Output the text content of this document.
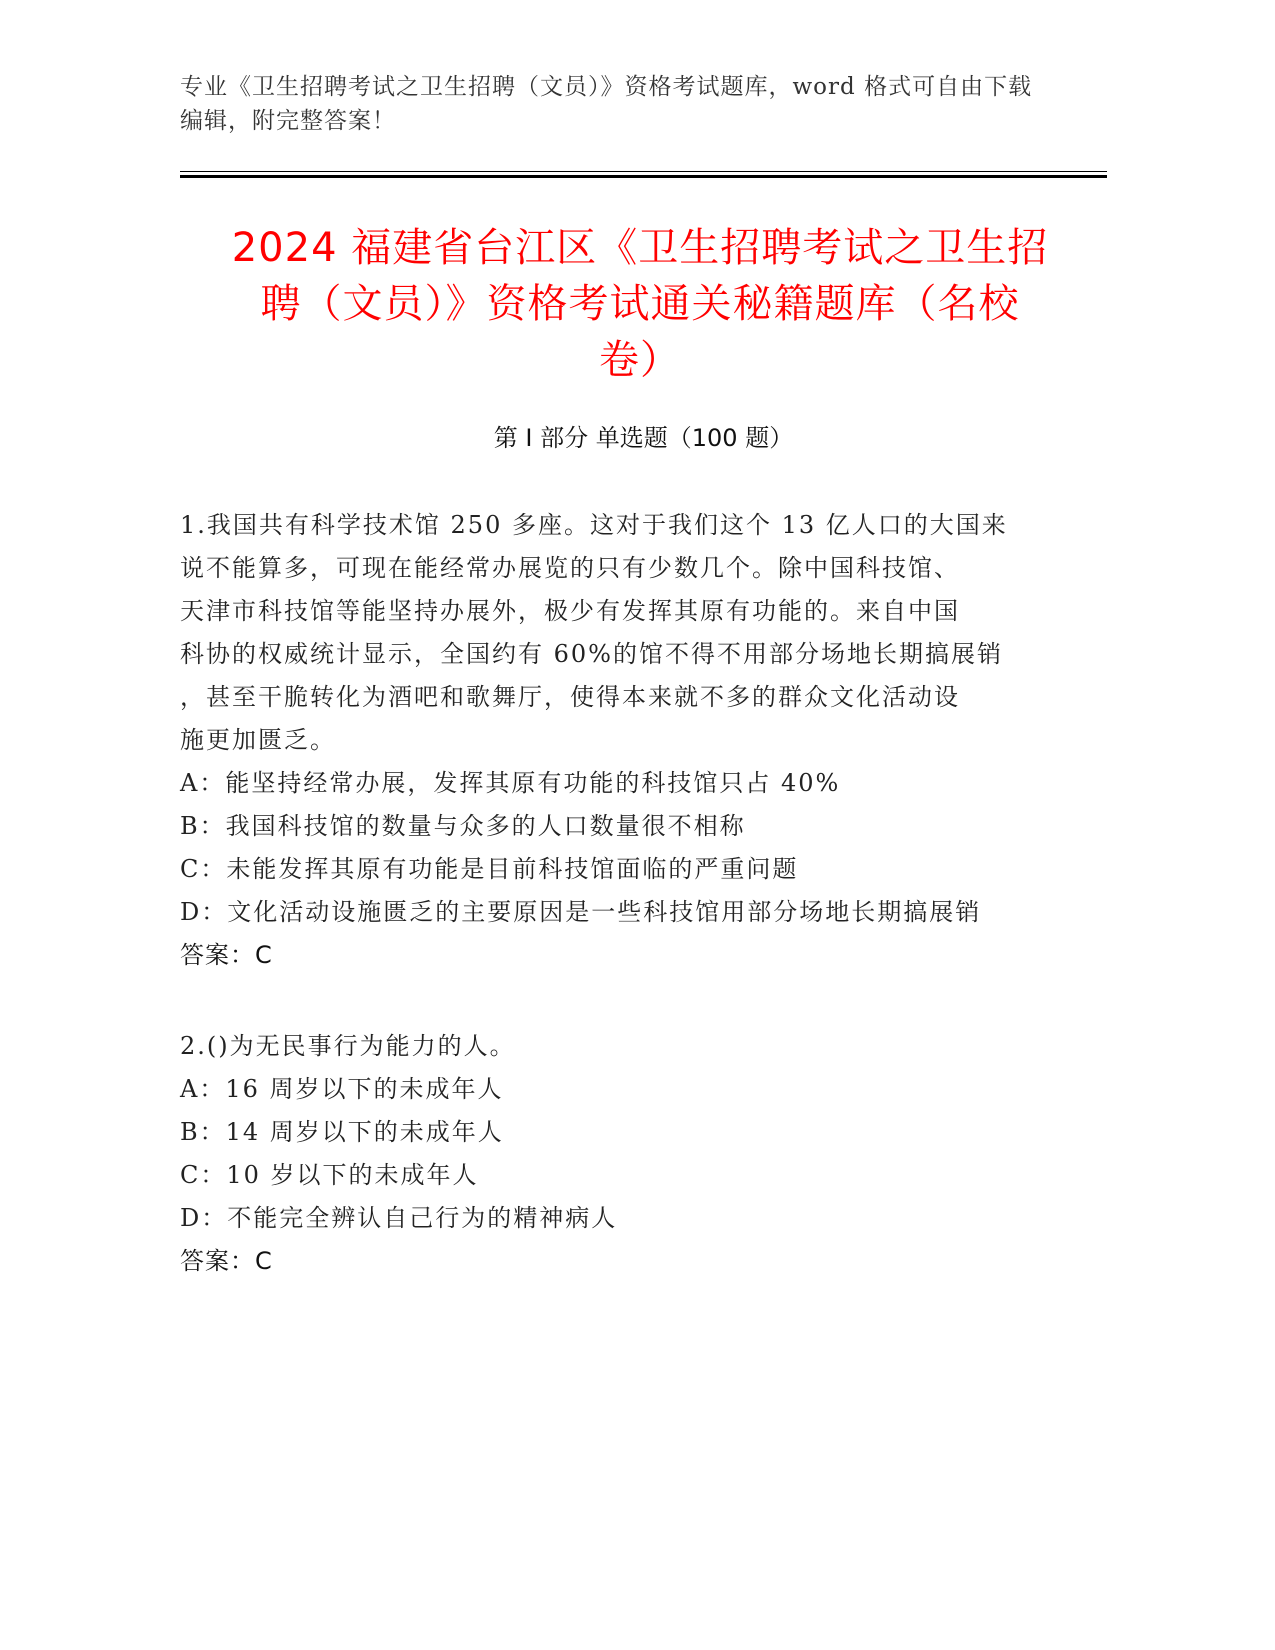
专业《卫生招聘考试之卫生招聘（文员）》资格考试题库，word 格式可自由下载
编辑，附完整答案！
2024 福建省台江区《卫生招聘考试之卫生招
聘（文员）》资格考试通关秘籍题库（名校
卷）
第 I 部分 单选题（100 题）
1.我国共有科学技术馆 250 多座。这对于我们这个 13 亿人口的大国来
说不能算多，可现在能经常办展览的只有少数几个。除中国科技馆、
天津市科技馆等能坚持办展外，极少有发挥其原有功能的。来自中国
科协的权威统计显示，全国约有 60%的馆不得不用部分场地长期搞展销
，甚至干脆转化为酒吧和歌舞厅，使得本来就不多的群众文化活动设
施更加匮乏。
A：能坚持经常办展，发挥其原有功能的科技馆只占 40%
B：我国科技馆的数量与众多的人口数量很不相称
C：未能发挥其原有功能是目前科技馆面临的严重问题
D：文化活动设施匮乏的主要原因是一些科技馆用部分场地长期搞展销
答案：C
2.()为无民事行为能力的人。
A：16 周岁以下的未成年人
B：14 周岁以下的未成年人
C：10 岁以下的未成年人
D：不能完全辨认自己行为的精神病人
答案：C
